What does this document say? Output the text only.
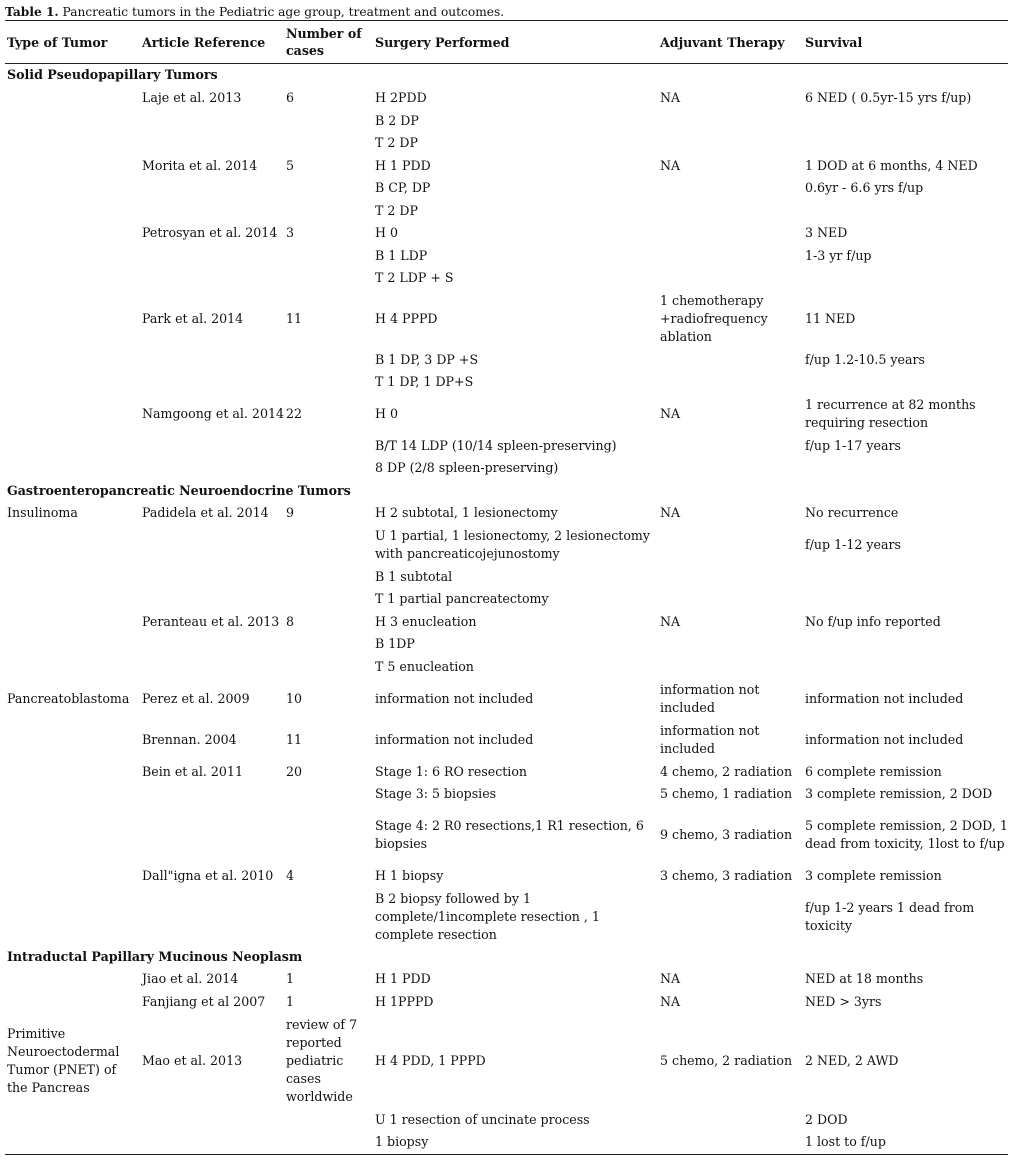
Table 1. Pancreatic tumors in the Pediatric age group, treatment and outcomes.
Type of Tumor	Article Reference	Number of cases	Surgery Performed	Adjuvant Therapy	Survival
Solid Pseudopapillary Tumors					
	Laje et al. 2013	6	H 2PDD	NA	6 NED ( 0.5yr-15 yrs f/up)
			B 2 DP		
			T 2 DP		
	Morita et al. 2014	5	H 1 PDD	NA	1 DOD at 6 months, 4 NED
			B CP, DP		0.6yr - 6.6 yrs f/up
			T 2 DP		
	Petrosyan et al. 2014	3	H 0		3 NED
			B 1 LDP		1-3 yr f/up
			T 2 LDP + S		
	Park et al. 2014	11	H 4 PPPD	1 chemotherapy +radiofrequency ablation	11 NED
			B 1 DP, 3 DP +S		f/up 1.2-10.5 years
			T 1 DP, 1 DP+S		
	Namgoong et al. 2014	22	H 0	NA	1 recurrence at 82 months requiring resection
			B/T 14 LDP (10/14 spleen-preserving)		f/up 1-17 years
			8 DP (2/8 spleen-preserving)		
Gastroenteropancreatic Neuroendocrine Tumors					
Insulinoma	Padidela et al. 2014	9	H 2 subtotal, 1 lesionectomy	NA	No recurrence
			U 1 partial, 1 lesionectomy, 2 lesionectomy with pancreaticojejunostomy		f/up 1-12 years
			B 1 subtotal		
			T 1 partial pancreatectomy		
	Peranteau et al. 2013	8	H 3 enucleation	NA	No f/up info reported
			B 1DP		
			T 5 enucleation		
Pancreatoblastoma	Perez et al. 2009	10	information not included	information not included	information not included
	Brennan. 2004	11	information not included	information not included	information not included
	Bein et al. 2011	20	Stage 1: 6 RO resection	4 chemo, 2 radiation	6 complete remission
			Stage 3: 5 biopsies	5 chemo, 1 radiation	3 complete remission, 2 DOD
			Stage 4: 2 R0 resections,1 R1 resection, 6 biopsies	9 chemo, 3 radiation	5 complete remission, 2 DOD, 1 dead from toxicity, 1lost to f/up
	Dall"igna et al. 2010	4	H 1 biopsy	3 chemo, 3 radiation	3 complete remission
			B 2 biopsy followed by 1 complete/1incomplete resection , 1 complete resection		f/up 1-2 years 1 dead from toxicity
Intraductal Papillary Mucinous Neoplasm					
	Jiao et al. 2014	1	H 1 PDD	NA	NED at 18 months
	Fanjiang et al 2007	1	H 1PPPD	NA	NED > 3yrs
Primitive Neuroectodermal Tumor (PNET) of the Pancreas	Mao et al. 2013	review of 7 reported pediatric cases worldwide	H 4 PDD, 1 PPPD	5 chemo, 2 radiation	2 NED, 2 AWD
			U 1 resection of uncinate process		2 DOD
			1 biopsy		1 lost to f/up
